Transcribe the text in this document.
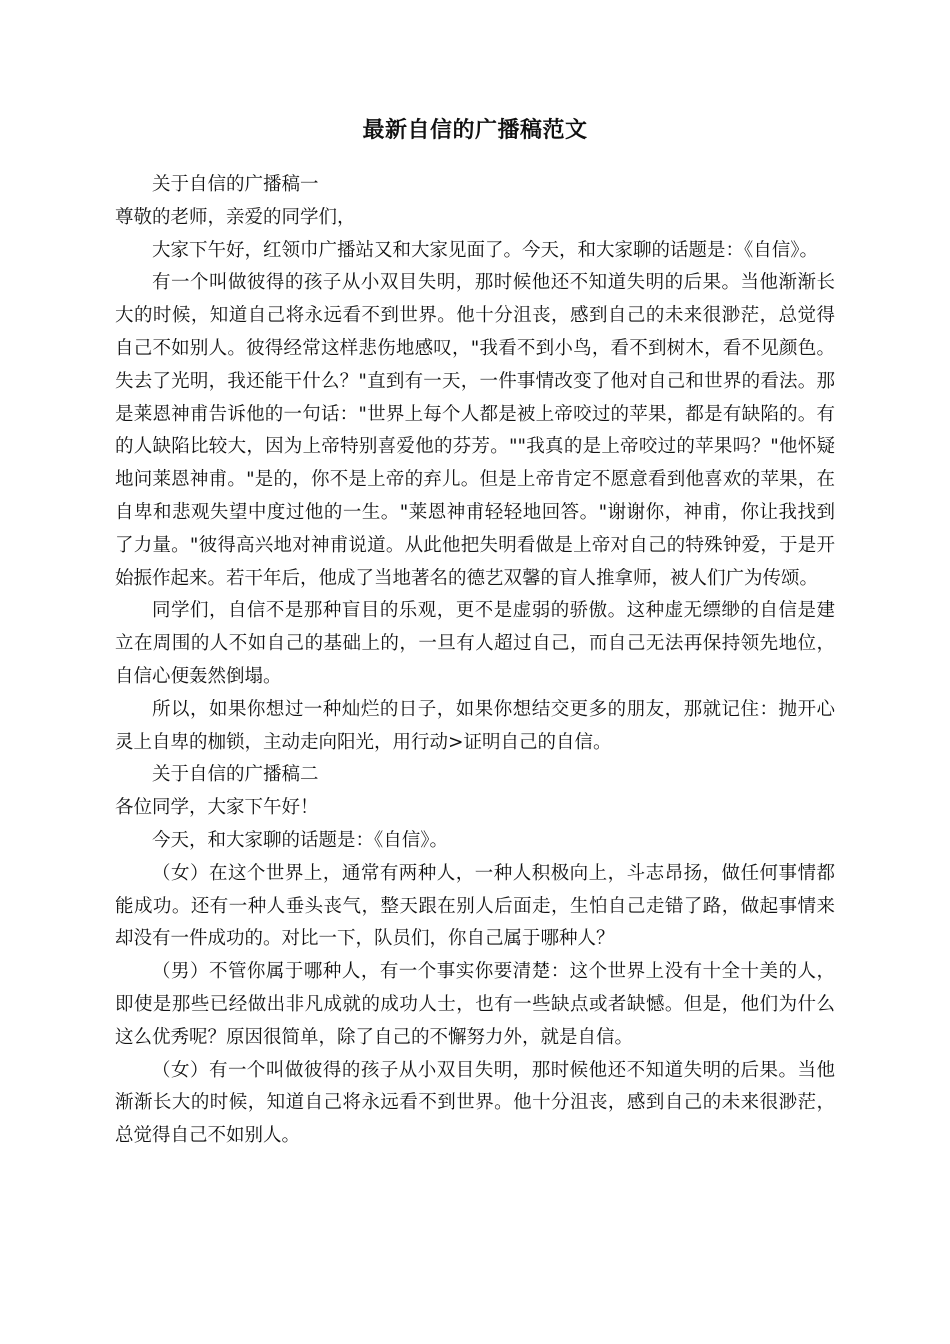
最新自信的广播稿范文

关于自信的广播稿一

尊敬的老师，亲爱的同学们，

大家下午好，红领巾广播站又和大家见面了。今天，和大家聊的话题是：《自信》。

有一个叫做彼得的孩子从小双目失明，那时候他还不知道失明的后果。当他渐渐长大的时候，知道自己将永远看不到世界。他十分沮丧，感到自己的未来很渺茫，总觉得自己不如别人。彼得经常这样悲伤地感叹，"我看不到小鸟，看不到树木，看不见颜色。失去了光明，我还能干什么？"直到有一天，一件事情改变了他对自己和世界的看法。那是莱恩神甫告诉他的一句话："世界上每个人都是被上帝咬过的苹果，都是有缺陷的。有的人缺陷比较大，因为上帝特别喜爱他的芬芳。""我真的是上帝咬过的苹果吗？"他怀疑地问莱恩神甫。"是的，你不是上帝的弃儿。但是上帝肯定不愿意看到他喜欢的苹果，在自卑和悲观失望中度过他的一生。"莱恩神甫轻轻地回答。"谢谢你，神甫，你让我找到了力量。"彼得高兴地对神甫说道。从此他把失明看做是上帝对自己的特殊钟爱，于是开始振作起来。若干年后，他成了当地著名的德艺双馨的盲人推拿师，被人们广为传颂。

同学们，自信不是那种盲目的乐观，更不是虚弱的骄傲。这种虚无缥缈的自信是建立在周围的人不如自己的基础上的，一旦有人超过自己，而自己无法再保持领先地位，自信心便轰然倒塌。

所以，如果你想过一种灿烂的日子，如果你想结交更多的朋友，那就记住：抛开心灵上自卑的枷锁，主动走向阳光，用行动>证明自己的自信。

关于自信的广播稿二

各位同学，大家下午好！

今天，和大家聊的话题是：《自信》。

（女）在这个世界上，通常有两种人，一种人积极向上，斗志昂扬，做任何事情都能成功。还有一种人垂头丧气，整天跟在别人后面走，生怕自己走错了路，做起事情来却没有一件成功的。对比一下，队员们，你自己属于哪种人？

（男）不管你属于哪种人，有一个事实你要清楚：这个世界上没有十全十美的人，即使是那些已经做出非凡成就的成功人士，也有一些缺点或者缺憾。但是，他们为什么这么优秀呢？原因很简单，除了自己的不懈努力外，就是自信。

（女）有一个叫做彼得的孩子从小双目失明，那时候他还不知道失明的后果。当他渐渐长大的时候，知道自己将永远看不到世界。他十分沮丧，感到自己的未来很渺茫，总觉得自己不如别人。
